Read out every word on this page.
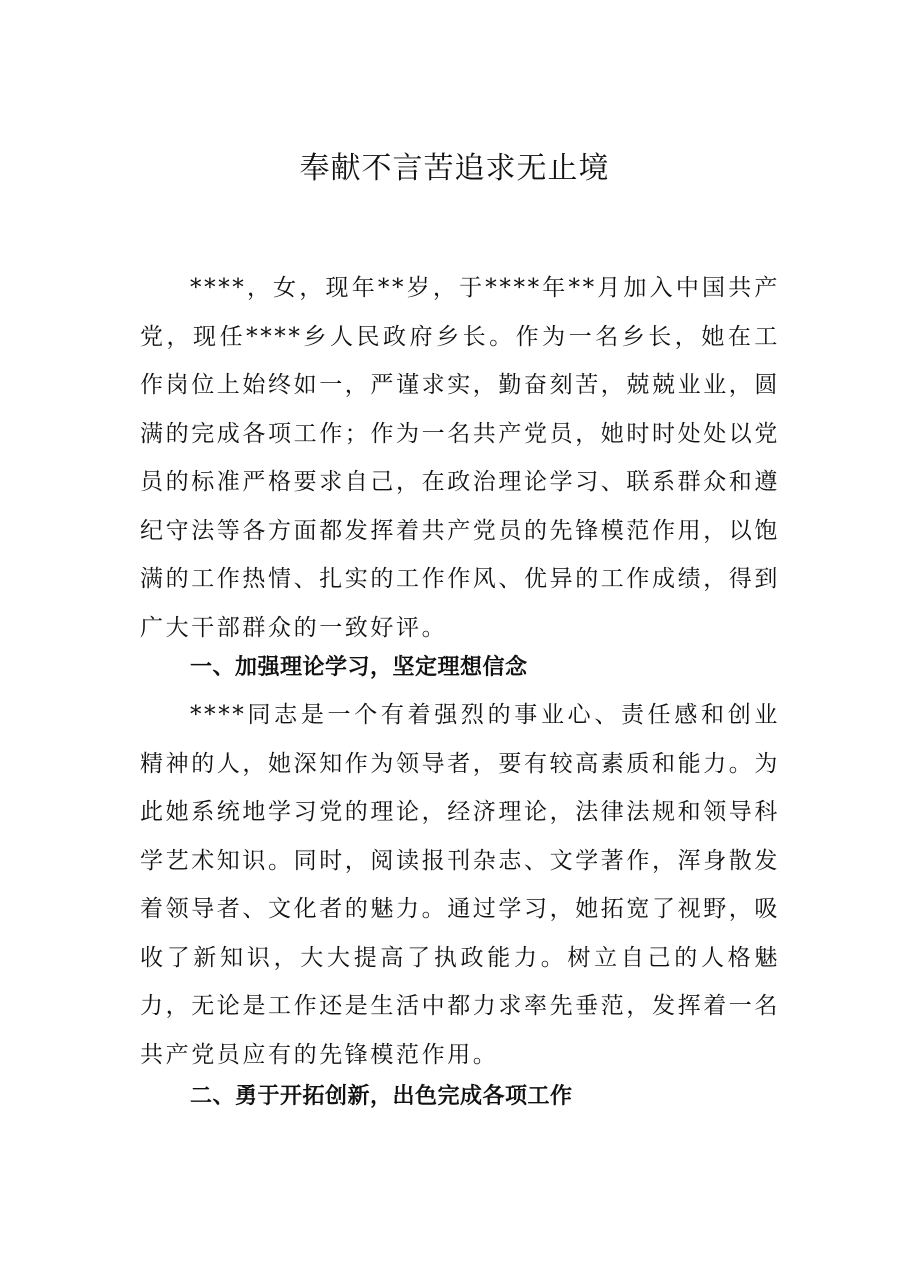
奉献不言苦追求无止境

****，女，现年**岁，于****年**月加入中国共产党，现任****乡人民政府乡长。作为一名乡长，她在工作岗位上始终如一，严谨求实，勤奋刻苦，兢兢业业，圆满的完成各项工作；作为一名共产党员，她时时处处以党员的标准严格要求自己，在政治理论学习、联系群众和遵纪守法等各方面都发挥着共产党员的先锋模范作用，以饱满的工作热情、扎实的工作作风、优异的工作成绩，得到广大干部群众的一致好评。

一、加强理论学习，坚定理想信念

****同志是一个有着强烈的事业心、责任感和创业精神的人，她深知作为领导者，要有较高素质和能力。为此她系统地学习党的理论，经济理论，法律法规和领导科学艺术知识。同时，阅读报刊杂志、文学著作，浑身散发着领导者、文化者的魅力。通过学习，她拓宽了视野，吸收了新知识，大大提高了执政能力。树立自己的人格魅力，无论是工作还是生活中都力求率先垂范，发挥着一名共产党员应有的先锋模范作用。

二、勇于开拓创新，出色完成各项工作
